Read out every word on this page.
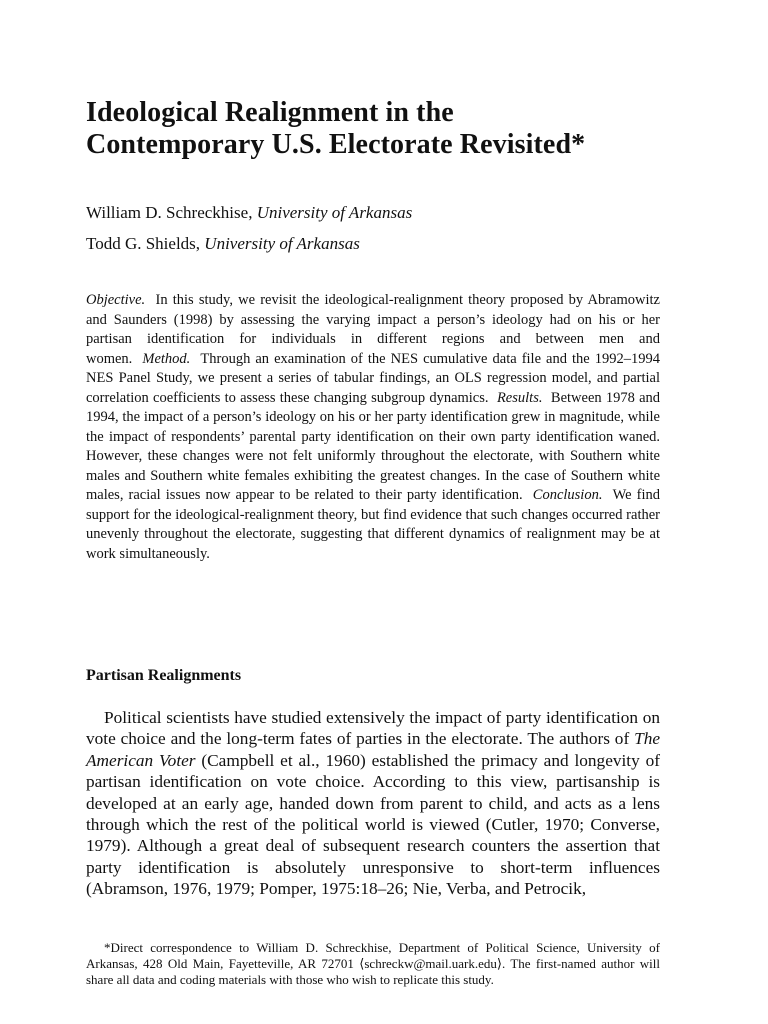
Ideological Realignment in the
Contemporary U.S. Electorate Revisited*
William D. Schreckhise, University of Arkansas
Todd G. Shields, University of Arkansas

Objective. In this study, we revisit the ideological-realignment theory proposed by Abramowitz and Saunders (1998) by assessing the varying impact a person’s ideology had on his or her partisan identification for individuals in different regions and between men and women. Method. Through an examination of the NES cumulative data file and the 1992–1994 NES Panel Study, we present a series of tabular findings, an OLS regression model, and partial correlation coefficients to assess these changing subgroup dynamics. Results. Between 1978 and 1994, the impact of a person’s ideology on his or her party identification grew in magnitude, while the impact of respondents’ parental party identification on their own party identification waned. However, these changes were not felt uniformly throughout the electorate, with Southern white males and Southern white females exhibiting the greatest changes. In the case of Southern white males, racial issues now appear to be related to their party identification. Conclusion. We find support for the ideological-realignment theory, but find evidence that such changes occurred rather unevenly throughout the electorate, suggesting that different dynamics of realignment may be at work simultaneously.

Partisan Realignments

Political scientists have studied extensively the impact of party identification on vote choice and the long-term fates of parties in the electorate. The authors of The American Voter (Campbell et al., 1960) established the primacy and longevity of partisan identification on vote choice. According to this view, partisanship is developed at an early age, handed down from parent to child, and acts as a lens through which the rest of the political world is viewed (Cutler, 1970; Converse, 1979). Although a great deal of subsequent research counters the assertion that party identification is absolutely unresponsive to short-term influences (Abramson, 1976, 1979; Pomper, 1975:18–26; Nie, Verba, and Petrocik,

*Direct correspondence to William D. Schreckhise, Department of Political Science, University of Arkansas, 428 Old Main, Fayetteville, AR 72701 ⟨schreckw@mail.uark.edu⟩. The first-named author will share all data and coding materials with those who wish to replicate this study.
